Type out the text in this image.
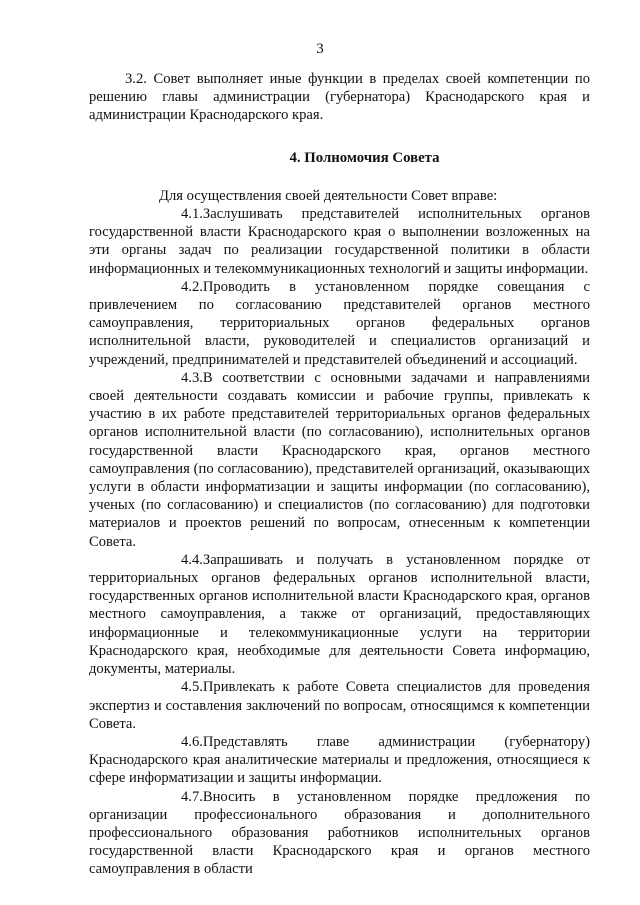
3

3.2. Совет выполняет иные функции в пределах своей компетенции по решению главы администрации (губернатора) Краснодарского края и администрации Краснодарского края.

4. Полномочия Совета

Для осуществления своей деятельности Совет вправе:

4.1.Заслушивать представителей исполнительных органов государственной власти Краснодарского края о выполнении возложенных на эти органы задач по реализации государственной политики в области информационных и телекоммуникационных технологий и защиты информации.

4.2.Проводить в установленном порядке совещания с привлечением по согласованию представителей органов местного самоуправления, территориальных органов федеральных органов исполнительной власти, руководителей и специалистов организаций и учреждений, предпринимателей и представителей объединений и ассоциаций.

4.3.В соответствии с основными задачами и направлениями своей деятельности создавать комиссии и рабочие группы, привлекать к участию в их работе представителей территориальных органов федеральных органов исполнительной власти (по согласованию), исполнительных органов государственной власти Краснодарского края, органов местного самоуправления (по согласованию), представителей организаций, оказывающих услуги в области информатизации и защиты информации (по согласованию), ученых (по согласованию) и специалистов (по согласованию) для подготовки материалов и проектов решений по вопросам, отнесенным к компетенции Совета.

4.4.Запрашивать и получать в установленном порядке от территориальных органов федеральных органов исполнительной власти, государственных органов исполнительной власти Краснодарского края, органов местного самоуправления, а также от организаций, предоставляющих информационные и телекоммуникационные услуги на территории Краснодарского края, необходимые для деятельности Совета информацию, документы, материалы.

4.5.Привлекать к работе Совета специалистов для проведения экспертиз и составления заключений по вопросам, относящимся к компетенции Совета.

4.6.Представлять главе администрации (губернатору) Краснодарского края аналитические материалы и предложения, относящиеся к сфере информатизации и защиты информации.

4.7.Вносить в установленном порядке предложения по организации профессионального образования и дополнительного профессионального образования работников исполнительных органов государственной власти Краснодарского края и органов местного самоуправления в области
